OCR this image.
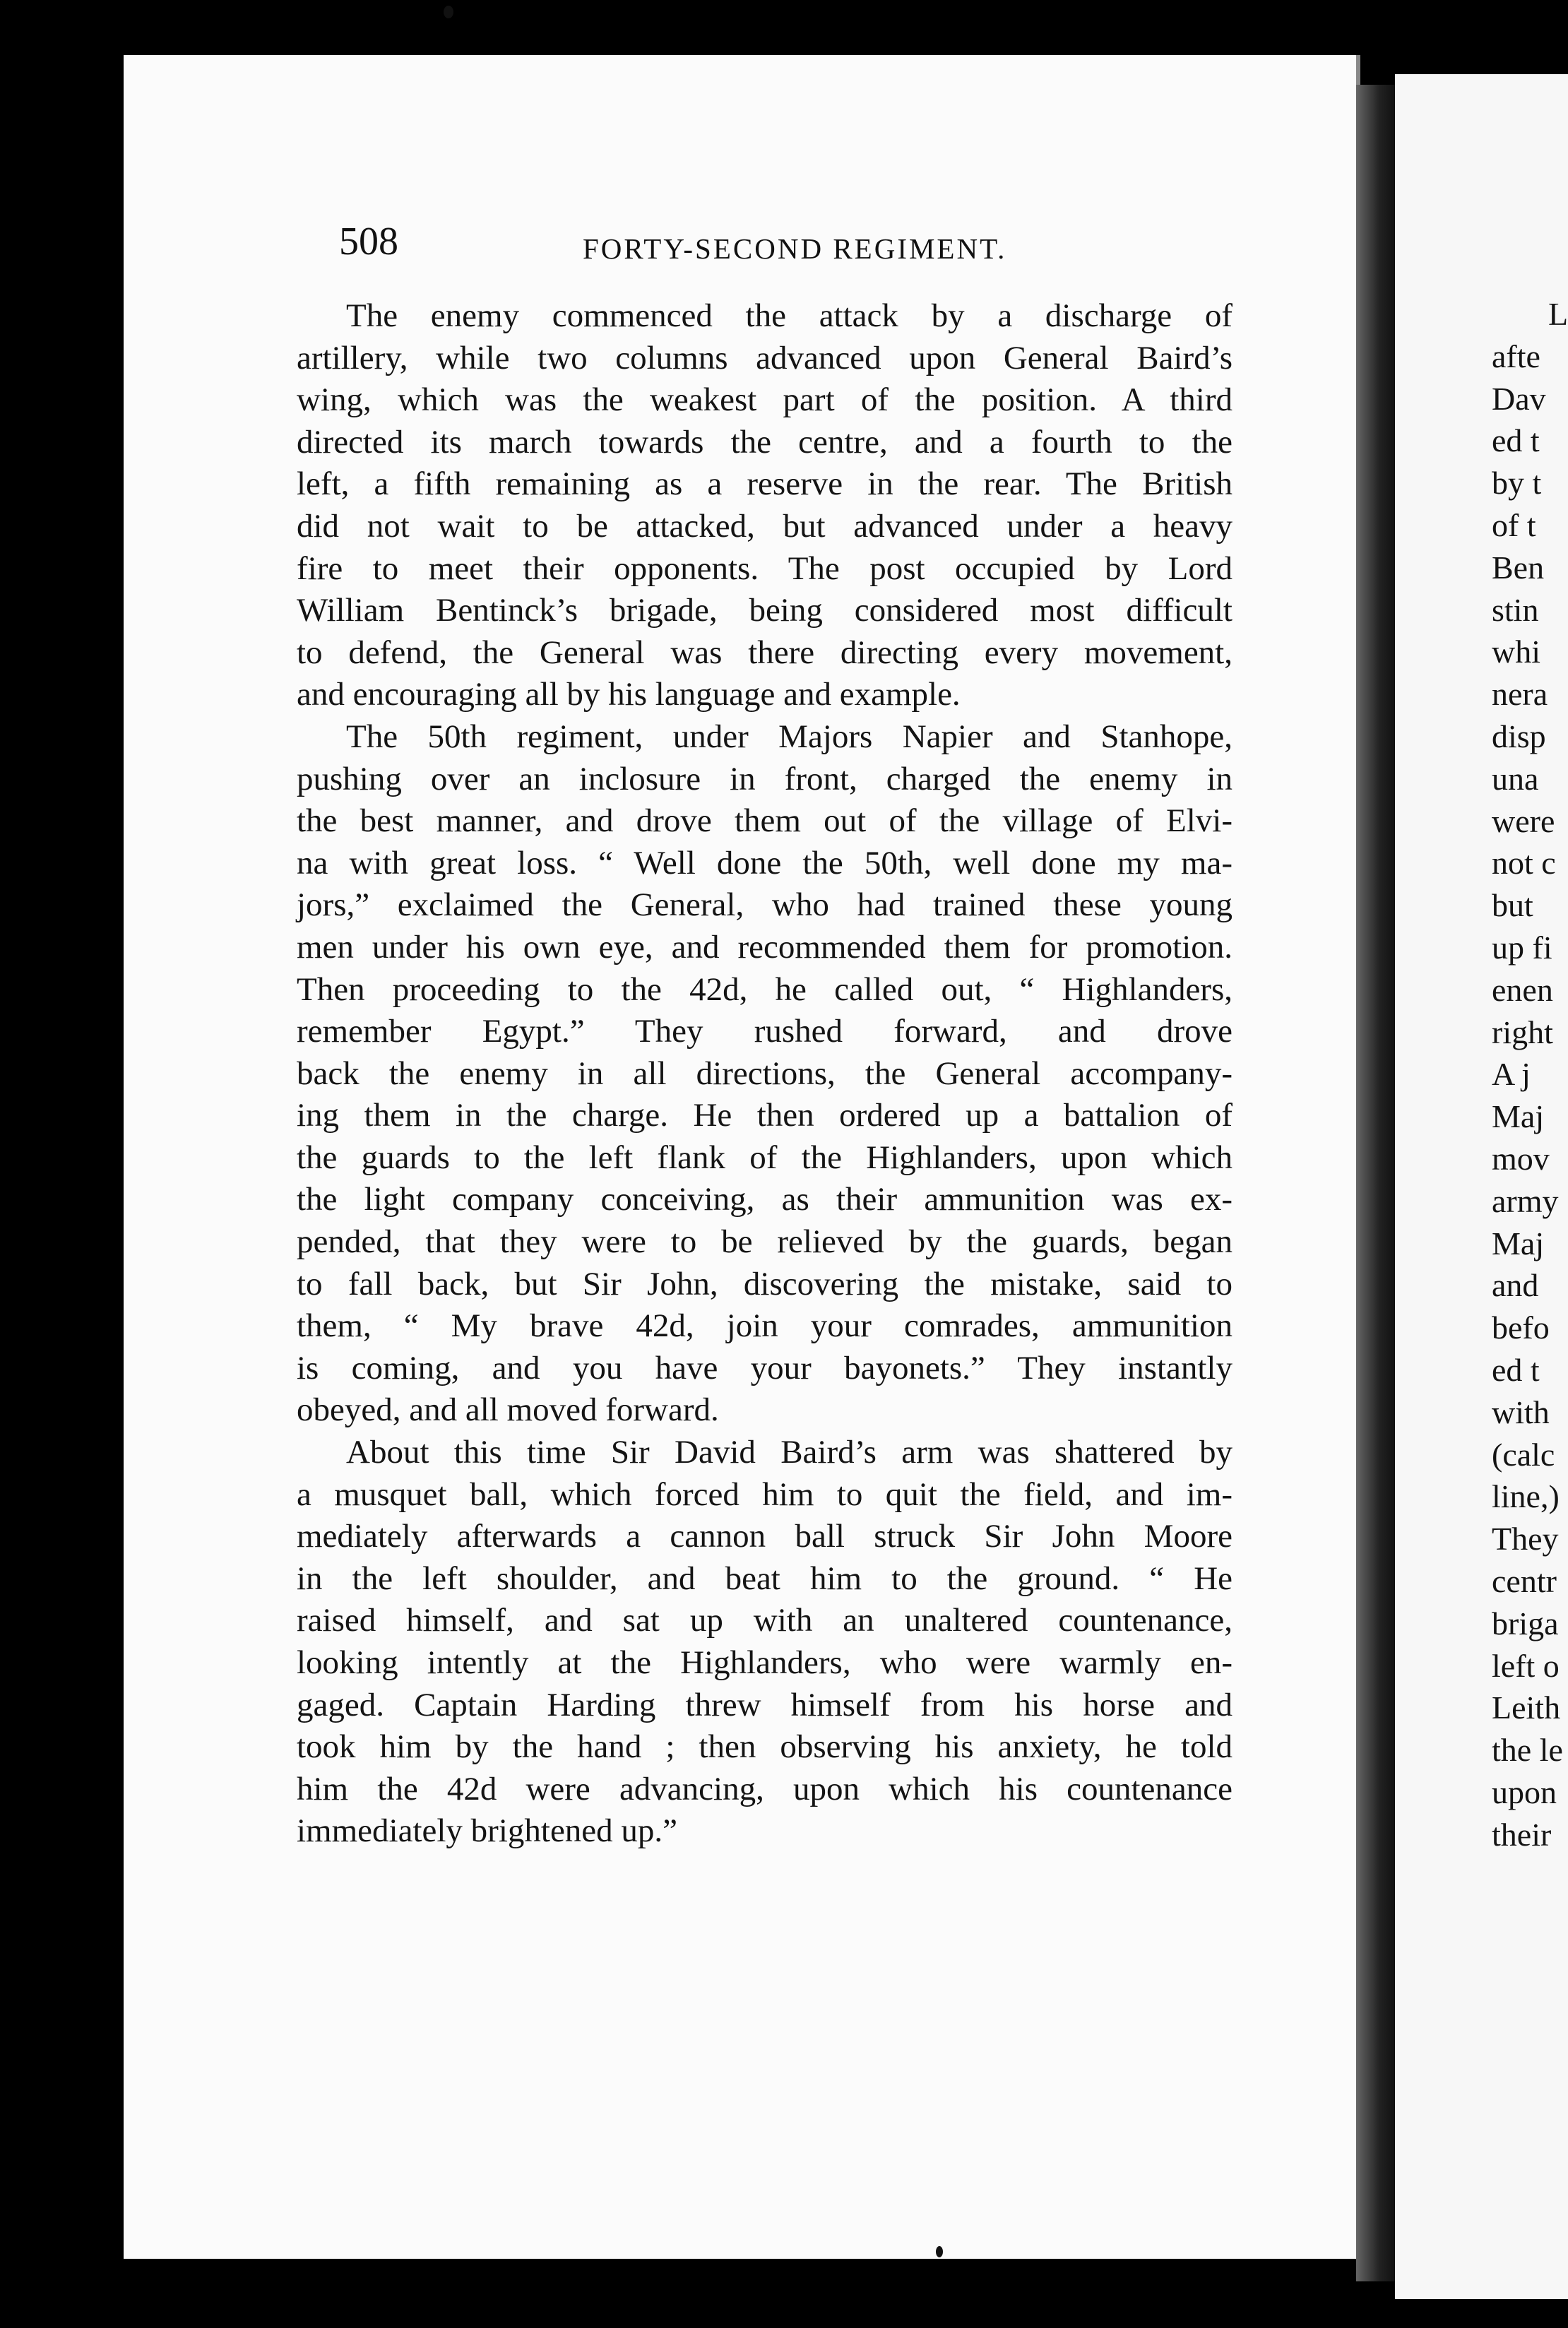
508	FORTY-SECOND REGIMENT.
The enemy commenced the attack by a discharge of
artillery, while two columns advanced upon General Baird’s
wing, which was the weakest part of the position. A third
directed its march towards the centre, and a fourth to the
left, a fifth remaining as a reserve in the rear. The British
did not wait to be attacked, but advanced under a heavy
fire to meet their opponents. The post occupied by Lord
William Bentinck’s brigade, being considered most difficult
to defend, the General was there directing every movement,
and encouraging all by his language and example.
The 50th regiment, under Majors Napier and Stanhope,
pushing over an inclosure in front, charged the enemy in
the best manner, and drove them out of the village of Elvi-
na with great loss. “ Well done the 50th, well done my ma-
jors,” exclaimed the General, who had trained these young
men under his own eye, and recommended them for promotion.
Then proceeding to the 42d, he called out, “ Highlanders,
remember Egypt.” They rushed forward, and drove
back the enemy in all directions, the General accompany-
ing them in the charge. He then ordered up a battalion of
the guards to the left flank of the Highlanders, upon which
the light company conceiving, as their ammunition was ex-
pended, that they were to be relieved by the guards, began
to fall back, but Sir John, discovering the mistake, said to
them, “ My brave 42d, join your comrades, ammunition
is coming, and you have your bayonets.” They instantly
obeyed, and all moved forward.
About this time Sir David Baird’s arm was shattered by
a musquet ball, which forced him to quit the field, and im-
mediately afterwards a cannon ball struck Sir John Moore
in the left shoulder, and beat him to the ground. “ He
raised himself, and sat up with an unaltered countenance,
looking intently at the Highlanders, who were warmly en-
gaged. Captain Harding threw himself from his horse and
took him by the hand ; then observing his anxiety, he told
him the 42d were advancing, upon which his countenance
immediately brightened up.”
L
afte
Dav
ed t
by t
of t
Ben
stin
whi
nera
disp
una
were
not c
but
up fi
enen
right
A j
Maj
mov
army
Maj
and
befo
ed t
with
(calc
line,)
They
centr
briga
left o
Leith
the le
upon
their
